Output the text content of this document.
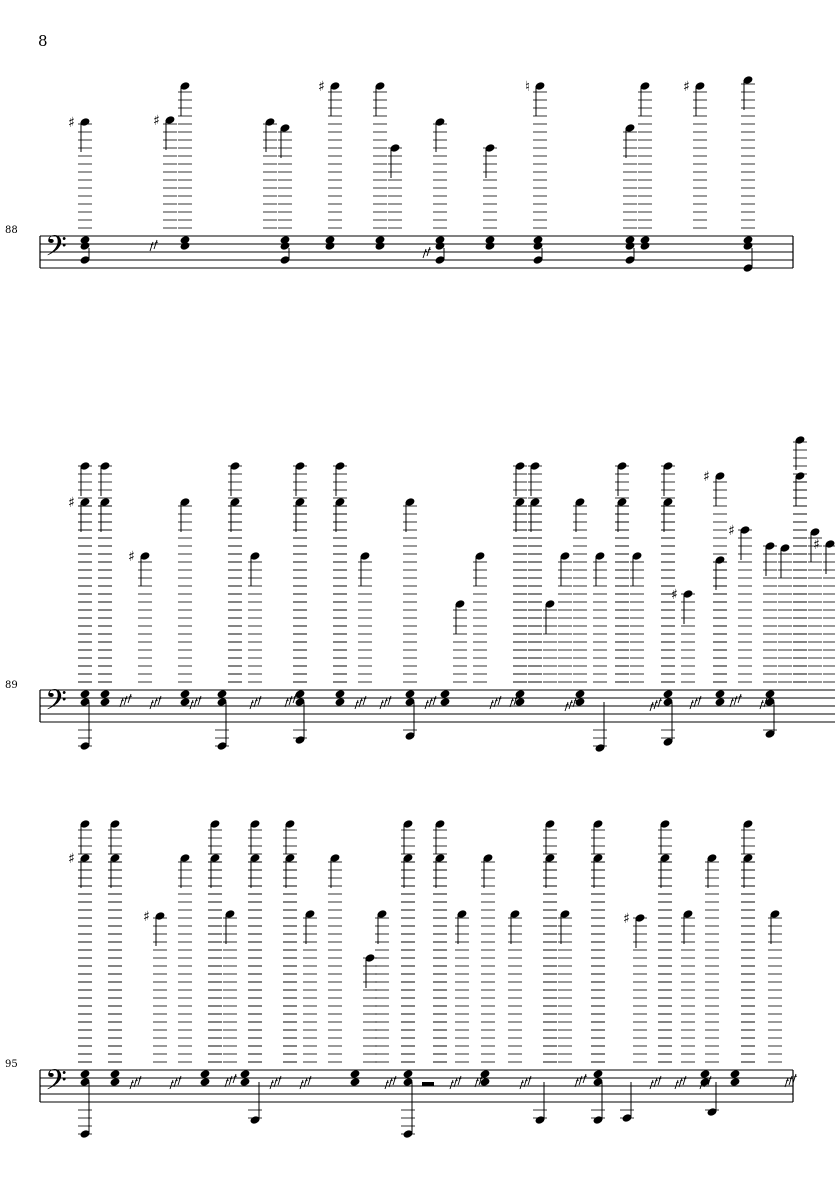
8
88
89
95
𝄢
♯	♯
♯	♮	♯
𝄢
♯
♯
♯
♯
♯
♯
𝄢
♯
♯	♯
